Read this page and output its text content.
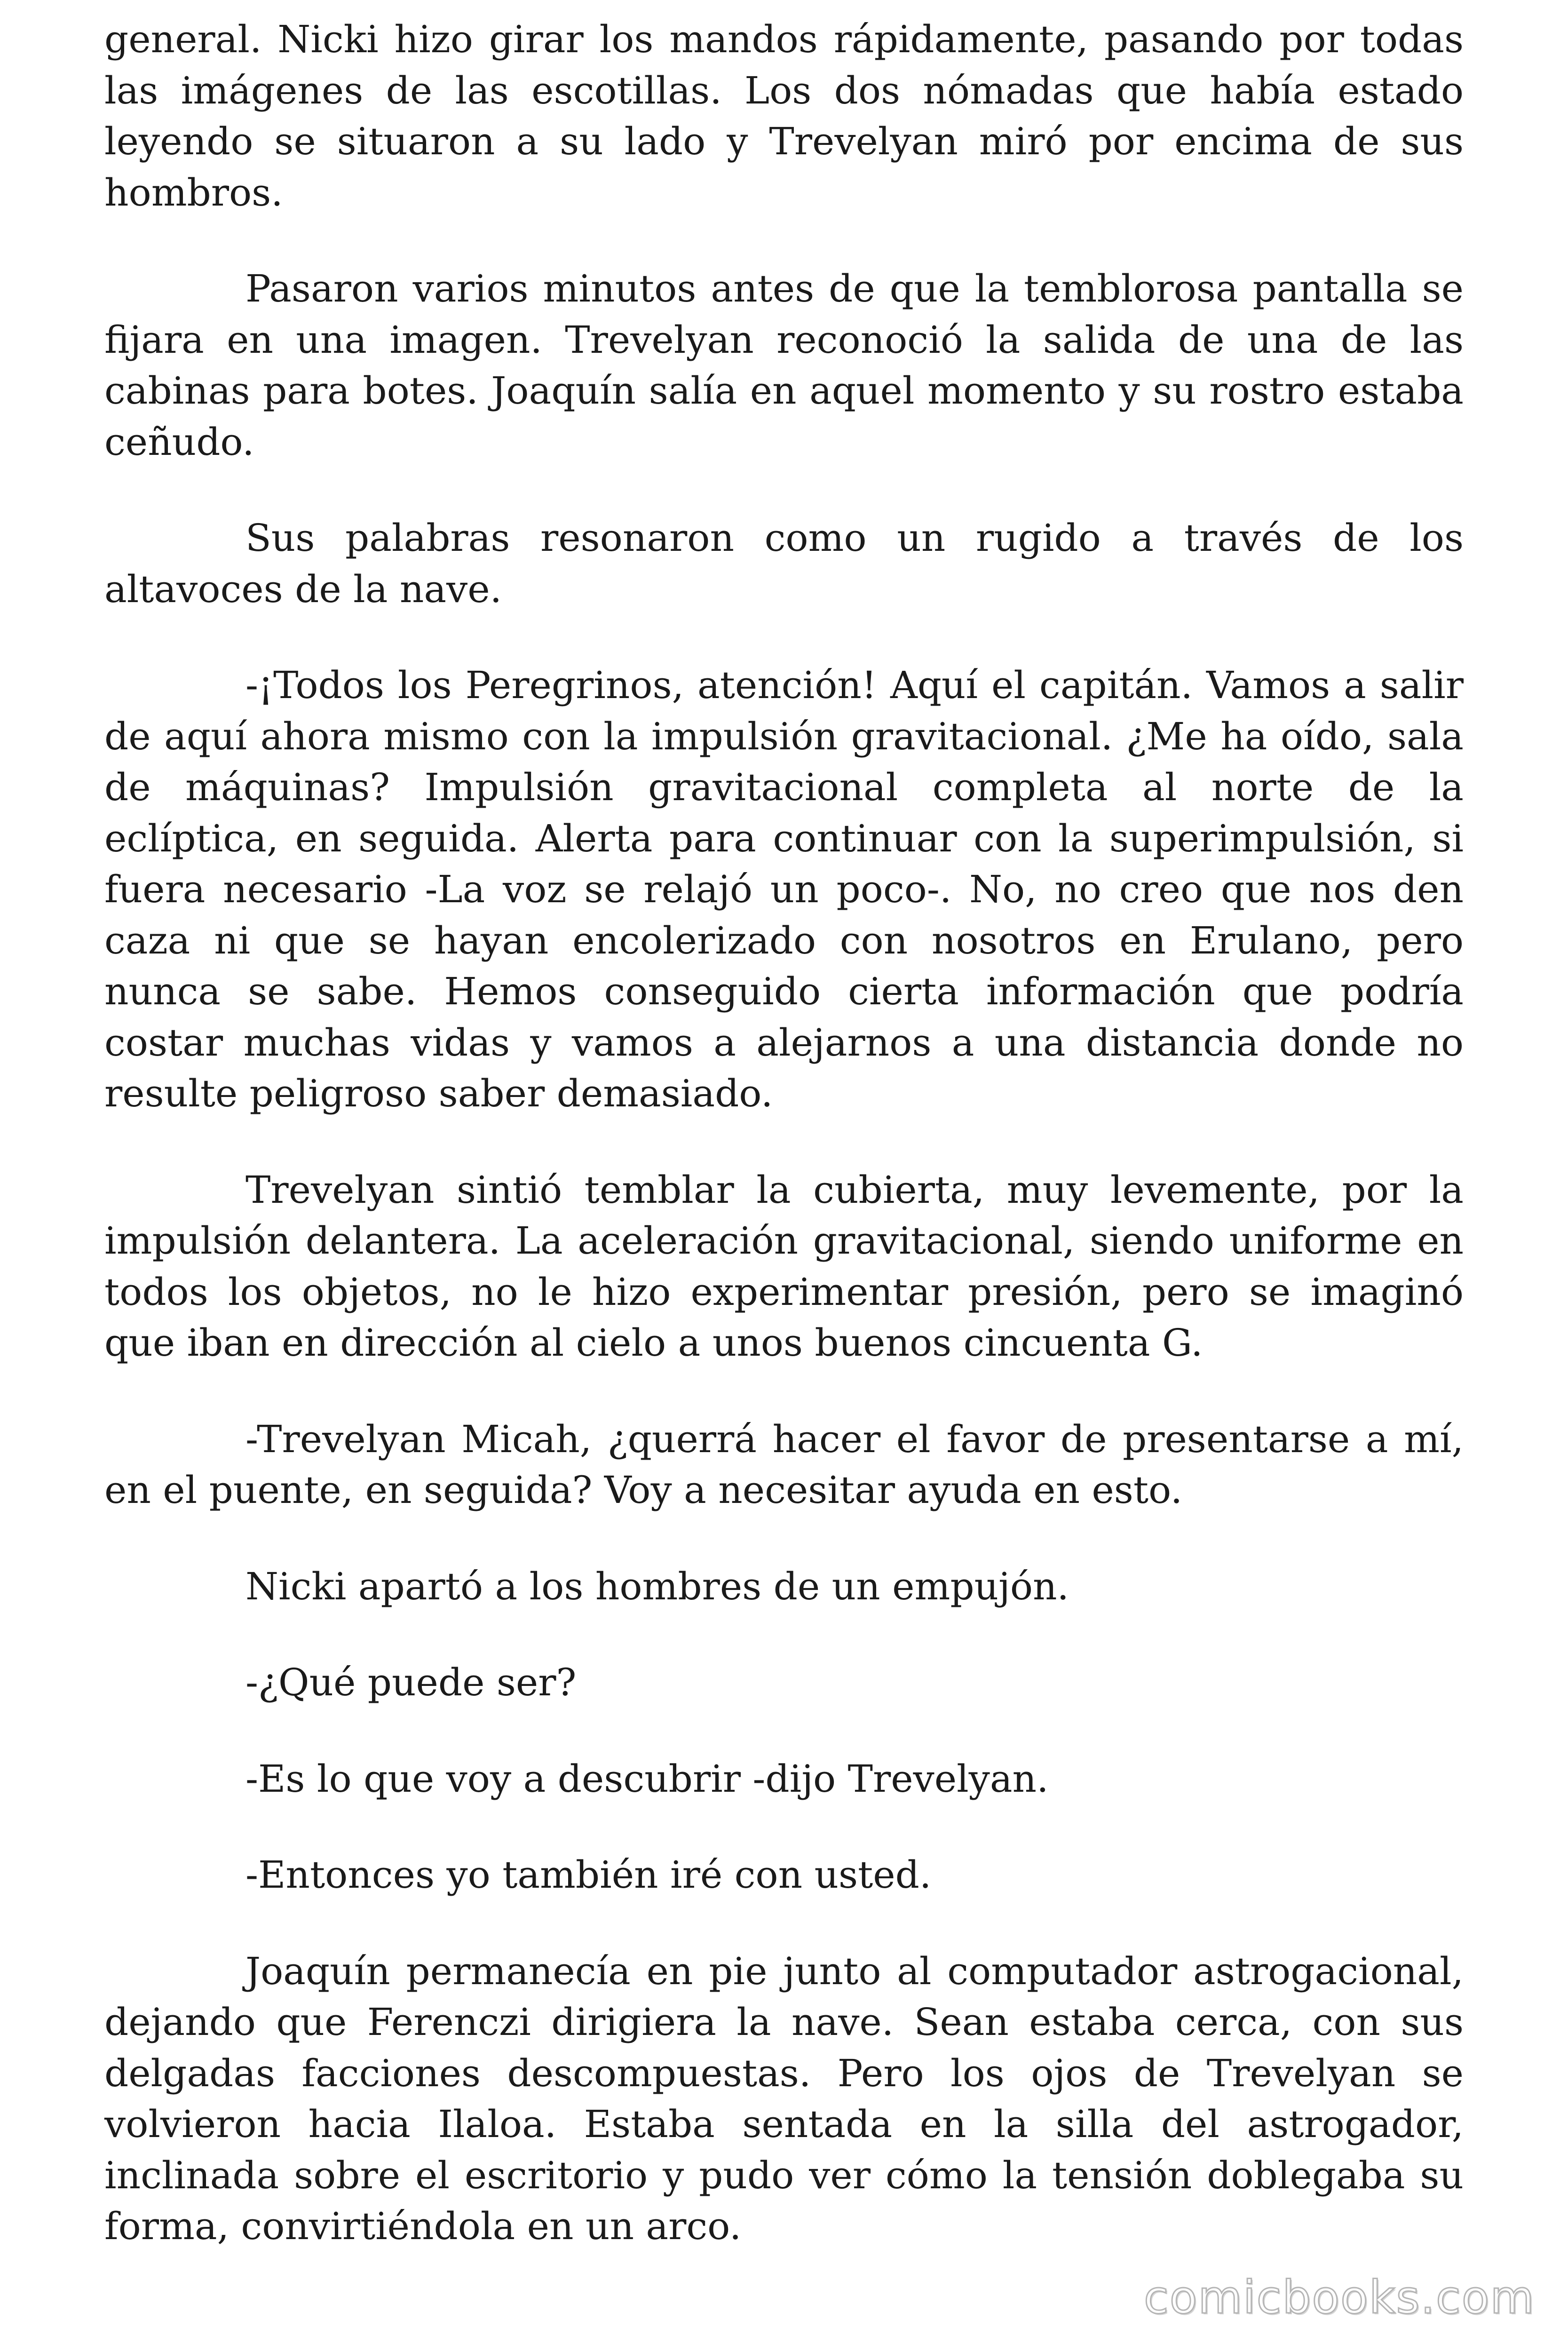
general. Nicki hizo girar los mandos rápidamente, pasando por todas las imágenes de las escotillas. Los dos nómadas que había estado leyendo se situaron a su lado y Trevelyan miró por encima de sus hombros.

Pasaron varios minutos antes de que la temblorosa pantalla se fijara en una imagen. Trevelyan reconoció la salida de una de las cabinas para botes. Joaquín salía en aquel momento y su rostro estaba ceñudo.

Sus palabras resonaron como un rugido a través de los altavoces de la nave.

-¡Todos los Peregrinos, atención! Aquí el capitán. Vamos a salir de aquí ahora mismo con la impulsión gravitacional. ¿Me ha oído, sala de máquinas? Impulsión gravitacional completa al norte de la eclíptica, en seguida. Alerta para continuar con la superimpulsión, si fuera necesario -La voz se relajó un poco-. No, no creo que nos den caza ni que se hayan encolerizado con nosotros en Erulano, pero nunca se sabe. Hemos conseguido cierta información que podría costar muchas vidas y vamos a alejarnos a una distancia donde no resulte peligroso saber demasiado.

Trevelyan sintió temblar la cubierta, muy levemente, por la impulsión delantera. La aceleración gravitacional, siendo uniforme en todos los objetos, no le hizo experimentar presión, pero se imaginó que iban en dirección al cielo a unos buenos cincuenta G.

-Trevelyan Micah, ¿querrá hacer el favor de presentarse a mí, en el puente, en seguida? Voy a necesitar ayuda en esto.

Nicki apartó a los hombres de un empujón.

-¿Qué puede ser?

-Es lo que voy a descubrir -dijo Trevelyan.

-Entonces yo también iré con usted.

Joaquín permanecía en pie junto al computador astrogacional, dejando que Ferenczi dirigiera la nave. Sean estaba cerca, con sus delgadas facciones descompuestas. Pero los ojos de Trevelyan se volvieron hacia Ilaloa. Estaba sentada en la silla del astrogador, inclinada sobre el escritorio y pudo ver cómo la tensión doblegaba su forma, convirtiéndola en un arco.

comicbooks.com
